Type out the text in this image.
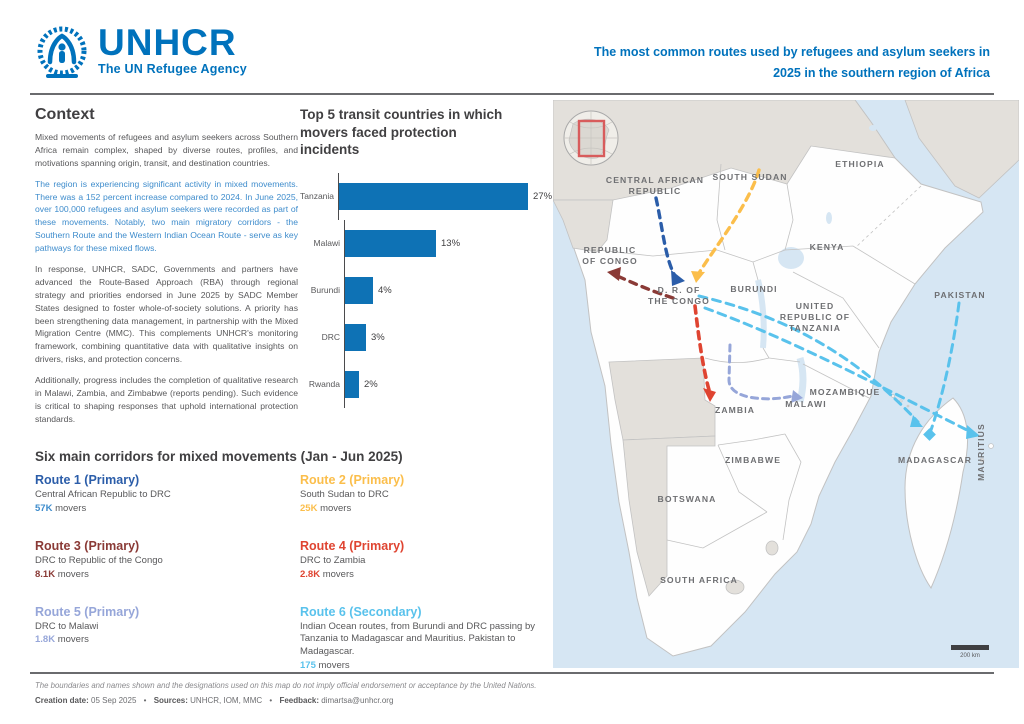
UNHCR
The UN Refugee Agency
The most common routes used by refugees and asylum seekers in 2025 in the southern region of Africa
Context

Mixed movements of refugees and asylum seekers across Southern Africa remain complex, shaped by diverse routes, profiles, and motivations spanning origin, transit, and destination countries.

The region is experiencing significant activity in mixed movements. There was a 152 percent increase compared to 2024. In June 2025, over 100,000 refugees and asylum seekers were recorded as part of these movements. Notably, two main migratory corridors - the Southern Route and the Western Indian Ocean Route - serve as key pathways for these mixed flows.

In response, UNHCR, SADC, Governments and partners have advanced the Route-Based Approach (RBA) through regional strategy and priorities endorsed in June 2025 by SADC Member States designed to foster whole-of-society solutions. A priority has been strengthening data management, in partnership with the Mixed Migration Centre (MMC). This complements UNHCR's monitoring framework, combining quantitative data with qualitative insights on drivers, risks, and protection concerns.

Additionally, progress includes the completion of qualitative research in Malawi, Zambia, and Zimbabwe (reports pending). Such evidence is critical to shaping responses that uphold international protection standards.

Top 5 transit countries in which movers faced protection incidents
Tanzania	27%
Malawi	13%
Burundi	4%
DRC	3%
Rwanda	2%
Six main corridors for mixed movements (Jan - Jun 2025)
Route 1 (Primary)

Central African Republic to DRC

57K movers

Route 2 (Primary)

South Sudan to DRC

25K movers

Route 3 (Primary)

DRC to Republic of the Congo

8.1K movers

Route 4 (Primary)

DRC to Zambia

2.8K movers

Route 5 (Primary)

DRC to Malawi

1.8K movers

Route 6 (Secondary)

Indian Ocean routes, from Burundi and DRC passing by Tanzania to Madagascar and Mauritius. Pakistan to Madagascar.

175 movers

200 km
ETHIOPIA
SOUTH SUDAN
CENTRAL AFRICAN REPUBLIC
KENYA
REPUBLIC OF CONGO
D. R. OF THE CONGO
BURUNDI
UNITED REPUBLIC OF TANZANIA
PAKISTAN
MOZAMBIQUE
ZAMBIA
MALAWI
ZIMBABWE
BOTSWANA
SOUTH AFRICA
MADAGASCAR MAURITIUS
The boundaries and names shown and the designations used on this map do not imply official endorsement or acceptance by the United Nations.
Creation date: 05 Sep 2025 • Sources: UNHCR, IOM, MMC • Feedback: dimartsa@unhcr.org
